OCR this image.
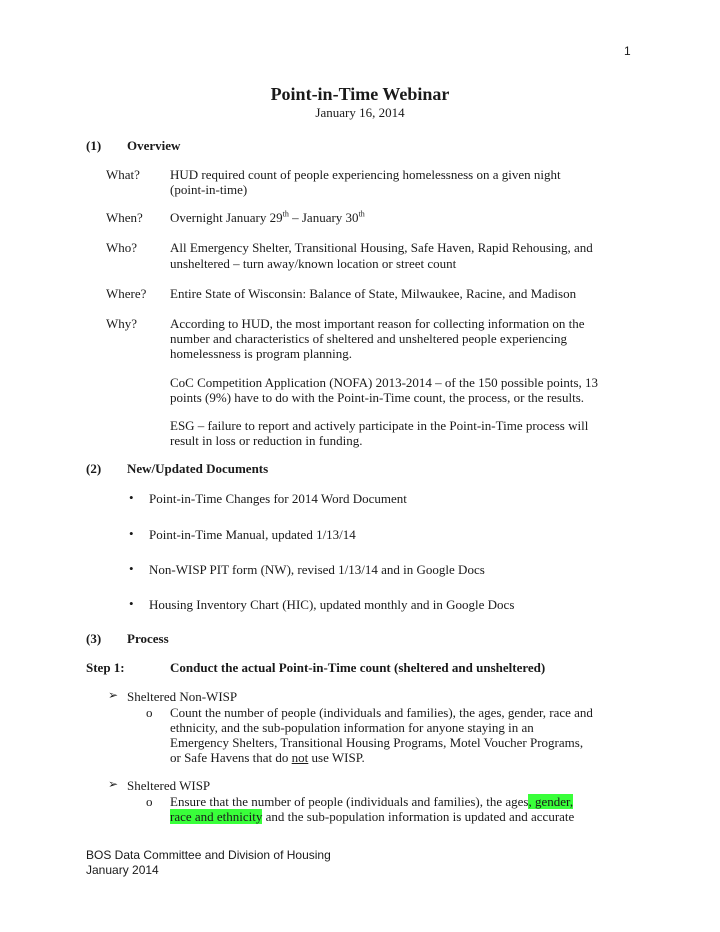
1
Point-in-Time Webinar
January 16, 2014
(1) Overview
What? HUD required count of people experiencing homelessness on a given night
(point-in-time)
When? Overnight January 29th – January 30th
Who?	All Emergency Shelter, Transitional Housing, Safe Haven, Rapid Rehousing, and
unsheltered – turn away/known location or street count
Where? Entire State of Wisconsin: Balance of State, Milwaukee, Racine, and Madison
Why?	According to HUD, the most important reason for collecting information on the
number and characteristics of sheltered and unsheltered people experiencing
homelessness is program planning.
CoC Competition Application (NOFA) 2013-2014 – of the 150 possible points, 13
points (9%) have to do with the Point-in-Time count, the process, or the results.
ESG – failure to report and actively participate in the Point-in-Time process will
result in loss or reduction in funding.
(2) New/Updated Documents
• Point-in-Time Changes for 2014 Word Document
• Point-in-Time Manual, updated 1/13/14
• Non-WISP PIT form (NW), revised 1/13/14 and in Google Docs
• Housing Inventory Chart (HIC), updated monthly and in Google Docs
(3) Process
Step 1:	Conduct the actual Point-in-Time count (sheltered and unsheltered)
➢ Sheltered Non-WISP
o Count the number of people (individuals and families), the ages, gender, race and
ethnicity, and the sub-population information for anyone staying in an
Emergency Shelters, Transitional Housing Programs, Motel Voucher Programs,
or Safe Havens that do not use WISP.
➢ Sheltered WISP
o Ensure that the number of people (individuals and families), the ages, gender,
race and ethnicity and the sub-population information is updated and accurate
BOS Data Committee and Division of Housing
January 2014
